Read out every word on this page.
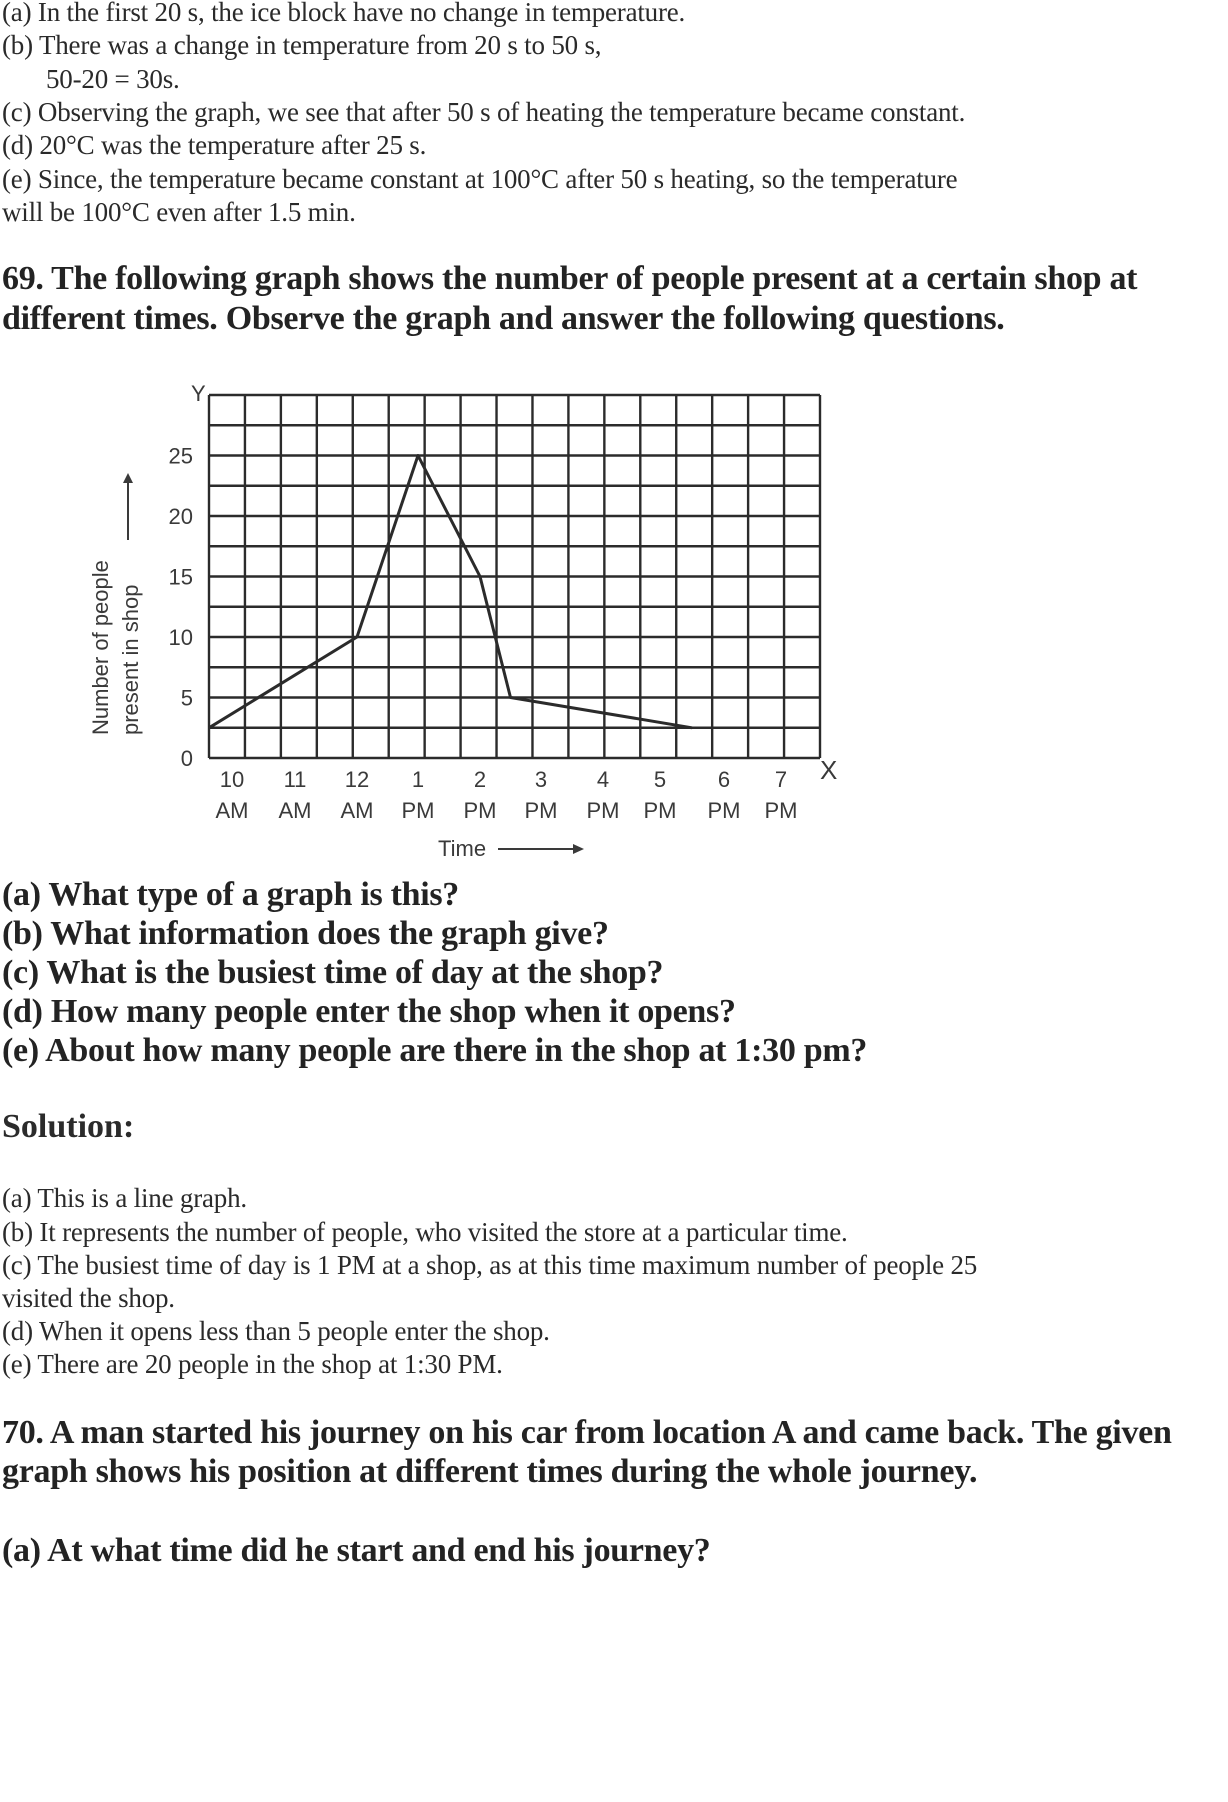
(a) In the first 20 s, the ice block have no change in temperature.
(b) There was a change in temperature from 20 s to 50 s,
50-20 = 30s.
(c) Observing the graph, we see that after 50 s of heating the temperature became constant.
(d) 20°C was the temperature after 25 s.
(e) Since, the temperature became constant at 100°C after 50 s heating, so the temperature
will be 100°C even after 1.5 min.
69. The following graph shows the number of people present at a certain shop at different times. Observe the graph and answer the following questions.
Y
X
0
5
10
15
20
25
10
AM
11
AM
12
AM
1
PM
2
PM
3
PM
4
PM
5
PM
6
PM
7
PM
Number of people present in shop
Time
(a) What type of a graph is this?
(b) What information does the graph give?
(c) What is the busiest time of day at the shop?
(d) How many people enter the shop when it opens?
(e) About how many people are there in the shop at 1:30 pm?
Solution:
(a) This is a line graph.
(b) It represents the number of people, who visited the store at a particular time.
(c) The busiest time of day is 1 PM at a shop, as at this time maximum number of people 25
visited the shop.
(d) When it opens less than 5 people enter the shop.
(e) There are 20 people in the shop at 1:30 PM.
70. A man started his journey on his car from location A and came back. The given graph shows his position at different times during the whole journey.
(a) At what time did he start and end his journey?
